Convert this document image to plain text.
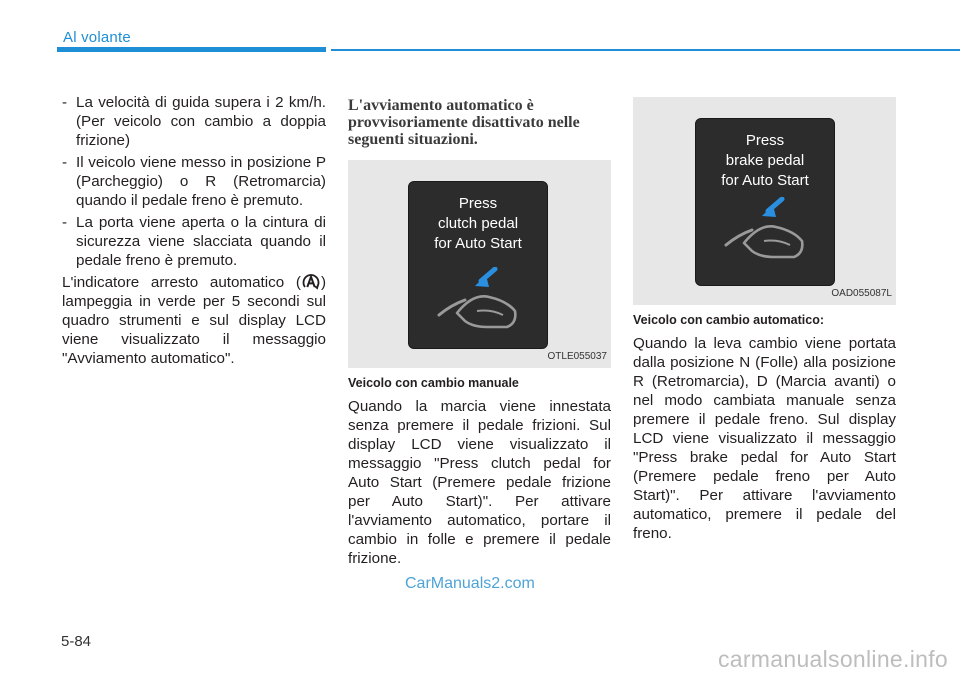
Al volante
- La velocità di guida supera i 2 km/h. (Per veicolo con cambio a doppia frizione)
- Il veicolo viene messo in posizione P (Parcheggio) o R (Retromarcia) quando il pedale freno è premuto.
- La porta viene aperta o la cintura di sicurezza viene slacciata quando il pedale freno è premuto.

L'indicatore arresto automatico ( ) lampeggia in verde per 5 secondi sul quadro strumenti e sul display LCD viene visualizzato il messaggio "Avviamento automatico".

L'avviamento automatico è provvisoriamente disattivato nelle seguenti situazioni.
Press
clutch pedal
for Auto Start
OTLE055037
Veicolo con cambio manuale

Quando la marcia viene innestata senza premere il pedale frizioni. Sul display LCD viene visualizzato il messaggio "Press clutch pedal for Auto Start (Premere pedale frizione per Auto Start)". Per attivare l'avviamento automatico, portare il cambio in folle e premere il pedale frizione.

Press
brake pedal
for Auto Start
OAD055087L
Veicolo con cambio automatico:

Quando la leva cambio viene portata dalla posizione N (Folle) alla posizione R (Retromarcia), D (Marcia avanti) o nel modo cambiata manuale senza premere il pedale freno. Sul display LCD viene visualizzato il messaggio "Press brake pedal for Auto Start (Premere pedale freno per Auto Start)". Per attivare l'avviamento automatico, premere il pedale del freno.

CarManuals2.com
5-84
carmanualsonline.info
